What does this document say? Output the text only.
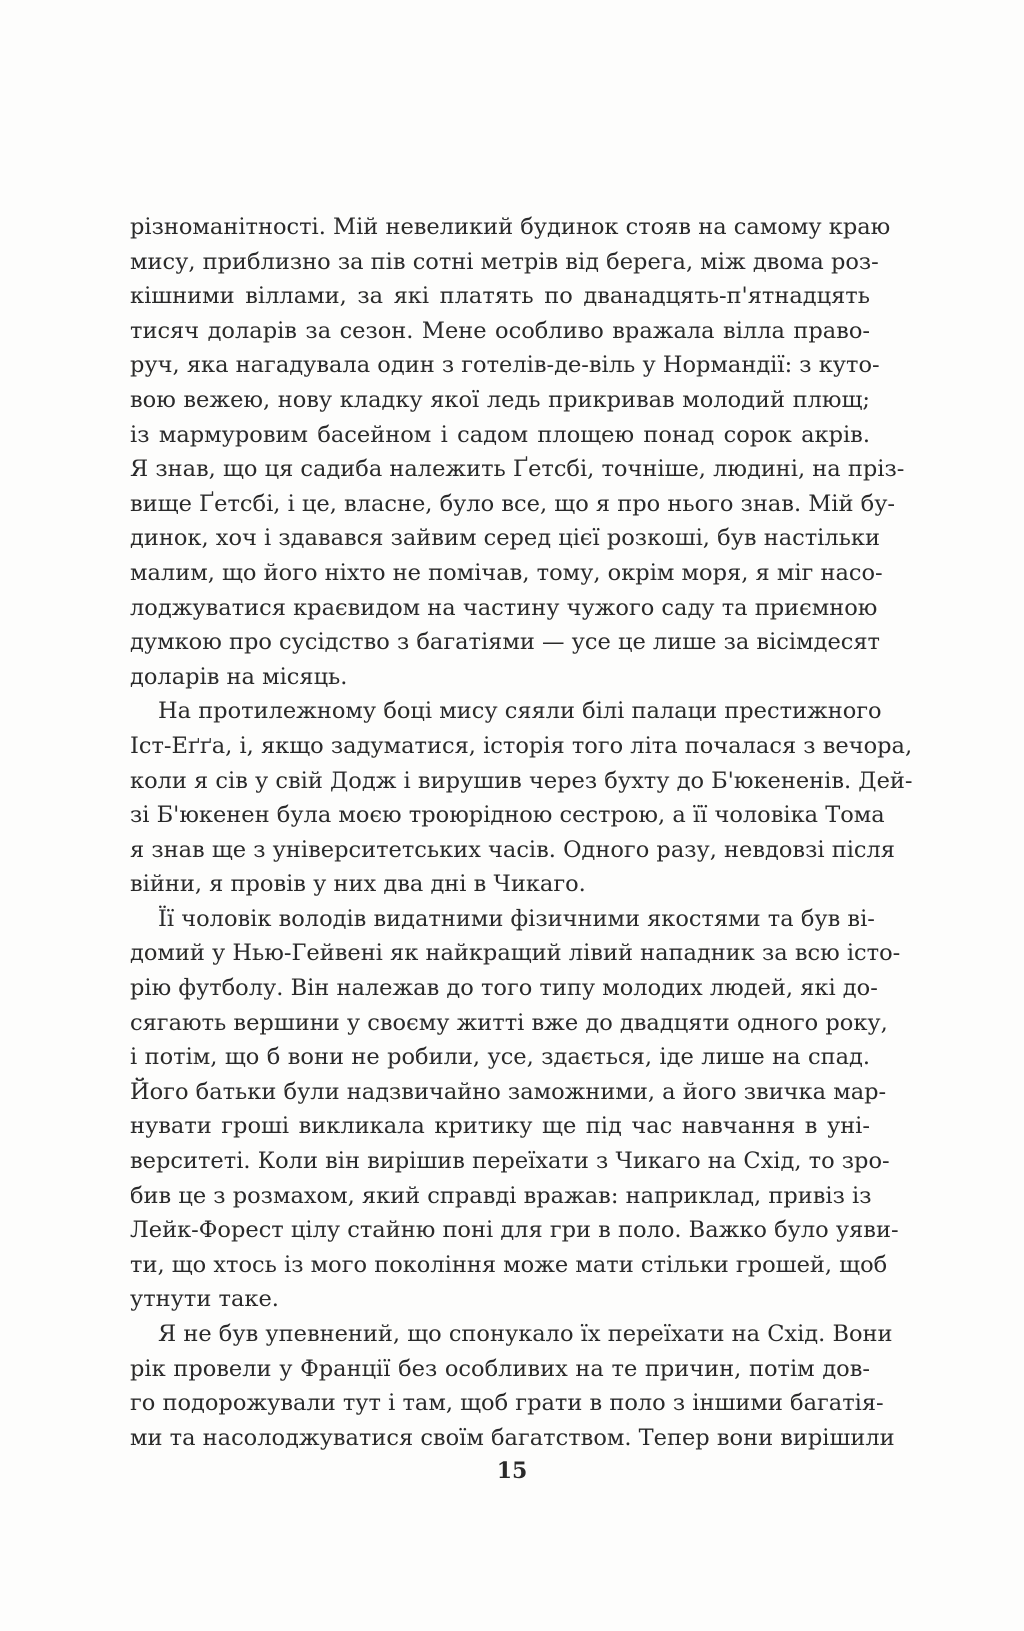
різноманітності. Мій невеликий будинок стояв на самому краю
мису, приблизно за пів сотні метрів від берега, між двома роз-
кішними віллами, за які платять по дванадцять-п'ятнадцять
тисяч доларів за сезон. Мене особливо вражала вілла право-
руч, яка нагадувала один з готелів-де-віль у Нормандії: з куто-
вою вежею, нову кладку якої ледь прикривав молодий плющ;
із мармуровим басейном і садом площею понад сорок акрів.
Я знав, що ця садиба належить Ґетсбі, точніше, людині, на пріз-
вище Ґетсбі, і це, власне, було все, що я про нього знав. Мій бу-
динок, хоч і здавався зайвим серед цієї розкоші, був настільки
малим, що його ніхто не помічав, тому, окрім моря, я міг насо-
лоджуватися краєвидом на частину чужого саду та приємною
думкою про сусідство з багатіями — усе це лише за вісімдесят
доларів на місяць.
На протилежному боці мису сяяли білі палаци престижного
Іст-Еґґа, і, якщо задуматися, історія того літа почалася з вечора,
коли я сів у свій Додж і вирушив через бухту до Б'юкененів. Дей-
зі Б'юкенен була моєю троюрідною сестрою, а її чоловіка Тома
я знав ще з університетських часів. Одного разу, невдовзі після
війни, я провів у них два дні в Чикаго.
Її чоловік володів видатними фізичними якостями та був ві-
домий у Нью-Гейвені як найкращий лівий нападник за всю істо-
рію футболу. Він належав до того типу молодих людей, які до-
сягають вершини у своєму житті вже до двадцяти одного року,
і потім, що б вони не робили, усе, здається, іде лише на спад.
Його батьки були надзвичайно заможними, а його звичка мар-
нувати гроші викликала критику ще під час навчання в уні-
верситеті. Коли він вирішив переїхати з Чикаго на Схід, то зро-
бив це з розмахом, який справді вражав: наприклад, привіз із
Лейк-Форест цілу стайню поні для гри в поло. Важко було уяви-
ти, що хтось із мого покоління може мати стільки грошей, щоб
утнути таке.
Я не був упевнений, що спонукало їх переїхати на Схід. Вони
рік провели у Франції без особливих на те причин, потім дов-
го подорожували тут і там, щоб грати в поло з іншими багатія-
ми та насолоджуватися своїм багатством. Тепер вони вирішили
15
